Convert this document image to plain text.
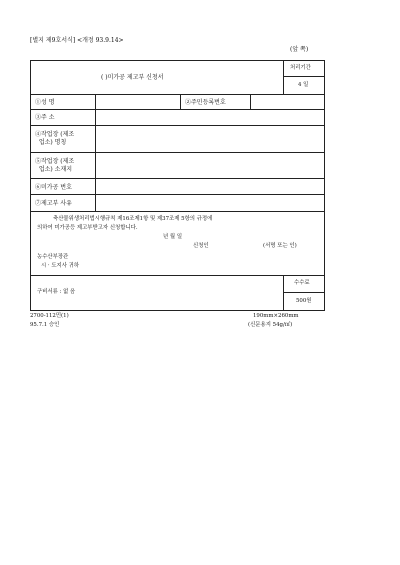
[별지 제9호서식] <개정 93.9.14>
(앞 쪽)
( )미가공 제고부 신청서
처리기간
4 일
①성 명	②주민등록번호
③주 소
④작업장 (제조
업소) 명칭
⑤작업장 (제조
업소) 소재지
⑥미가공 번호
⑦제고부 사유
축산물위생처리법시행규칙 제16조제1항 및 제37조제 5항의 규정에
의하여 미가공등 제고부받고자 신청합니다.
년 월 일
신청인	(서명 또는 인)
농수산부장관
시 · 도지사 귀하
구비서류 : 없 음
수수료
500원
2700-112민(1)
95.7.1 승인
190mm×260mm
(신문용지 54g/㎡)
